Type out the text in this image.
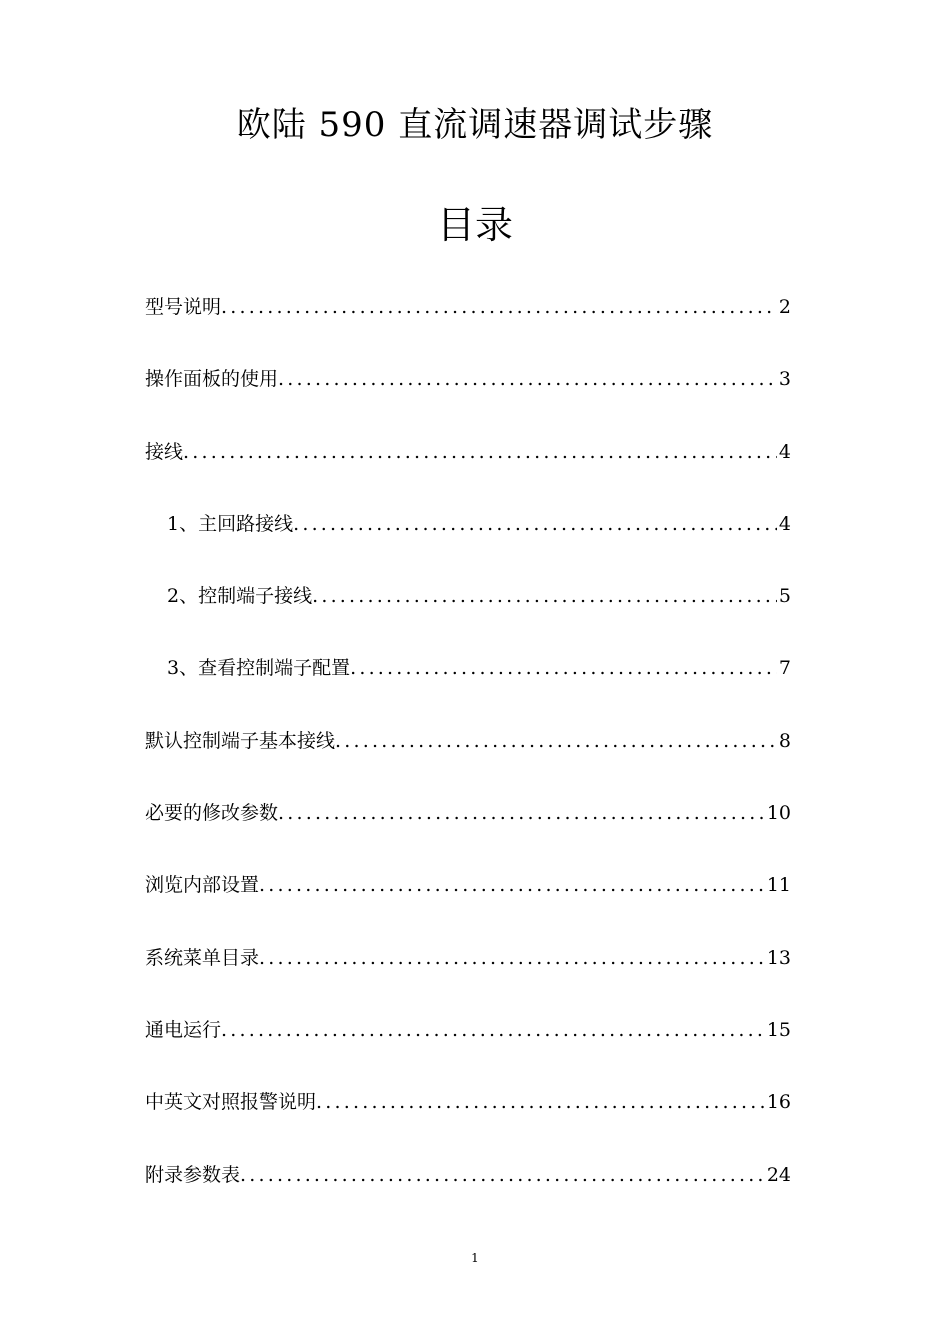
欧陆 590 直流调速器调试步骤
目录
型号说明 .....	2
操作面板的使用 .....	3
接线 .....	4
1、主回路接线 .....	4
2、控制端子接线 .....	5
3、查看控制端子配置 .....	7
默认控制端子基本接线 .....	8
必要的修改参数 .....	10
浏览内部设置 .....	11
系统菜单目录 .....	13
通电运行 .....	15
中英文对照报警说明 .....	16
附录参数表 .....	24
1
